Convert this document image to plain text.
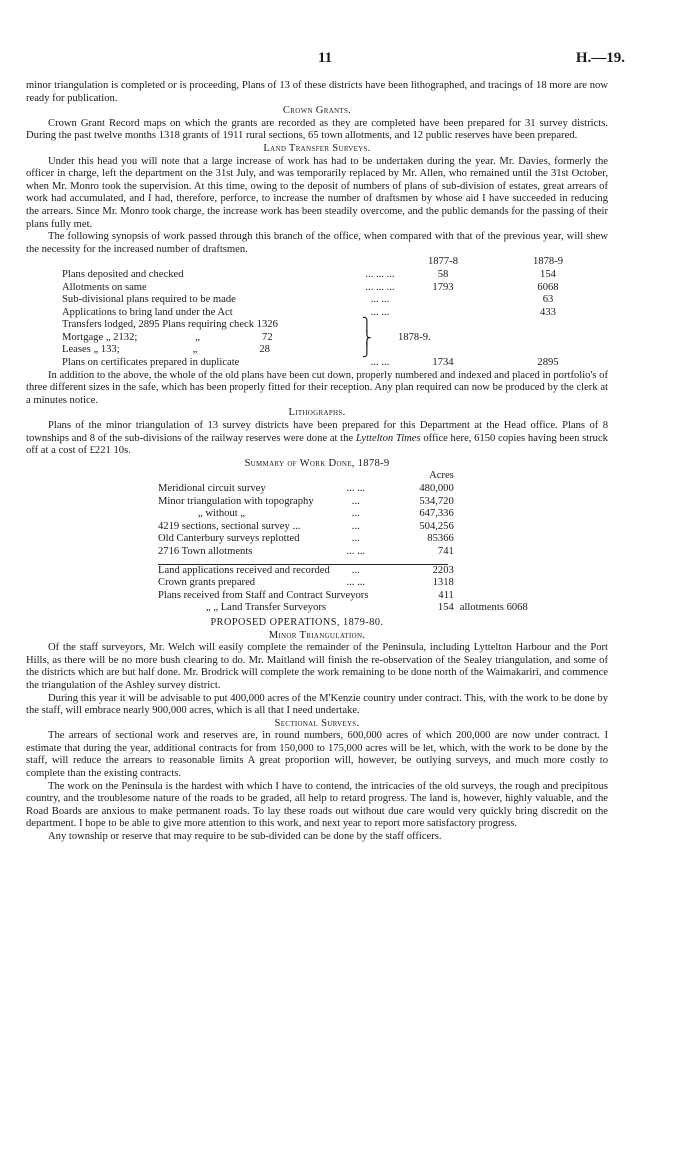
11	H.—19.

minor triangulation is completed or is proceeding, Plans of 13 of these districts have been lithographed, and tracings of 18 more are now ready for publication.

Crown Grants.

Crown Grant Record maps on which the grants are recorded as they are completed have been prepared for 31 survey districts. During the past twelve months 1318 grants of 1911 rural sections, 65 town allotments, and 12 public reserves have been prepared.

Land Transfer Surveys.

Under this head you will note that a large increase of work has had to be undertaken during the year. Mr. Davies, formerly the officer in charge, left the department on the 31st July, and was temporarily replaced by Mr. Allen, who remained until the 31st October, when Mr. Monro took the supervision. At this time, owing to the deposit of numbers of plans of sub-division of estates, great arrears of work had accumulated, and I had, therefore, perforce, to increase the number of draftsmen by whose aid I have succeeded in reducing the arrears. Since Mr. Monro took charge, the increase work has been steadily overcome, and the public demands for the passing of their plans fully met.

The following synopsis of work passed through this branch of the office, when compared with that of the previous year, will shew the necessity for the increased number of draftsmen.

		1877-8	1878-9
Plans deposited and checked	... ... ...	58	154
Allotments on same	... ... ...	1793	6068
Sub-divisional plans required to be made	... ...		63
Applications to bring land under the Act	... ...		433
Transfers lodged, 2895 Plans requiring check 1326	⎫		
Mortgage „ 2132; „ 72	⎬	1878-9.	
Leases „ 133; „ 28	⎭		
Plans on certificates prepared in duplicate	... ...	1734	2895

In addition to the above, the whole of the old plans have been cut down, properly numbered and indexed and placed in portfolio's of three different sizes in the safe, which has been properly fitted for their reception. Any plan required can now be produced by the clerk at a minutes notice.

Lithographs.

Plans of the minor triangulation of 13 survey districts have been prepared for this Department at the Head office. Plans of 8 townships and 8 of the sub-divisions of the railway reserves were done at the Lyttelton Times office here, 6150 copies having been struck off at a cost of £221 10s.

Summary of Work Done, 1878-9

		Acres	
Meridional circuit survey	... ...	480,000	
Minor triangulation with topography	...	534,720	
„ without „	...	647,336	
4219 sections, sectional survey ...	...	504,256	
Old Canterbury surveys replotted	...	85366	
2716 Town allotments	... ...	741	

Land applications received and recorded	...	2203	
Crown grants prepared	... ...	1318	
Plans received from Staff and Contract Surveyors		411	
„ „ Land Transfer Surveyors		154	allotments 6068

PROPOSED OPERATIONS, 1879-80.

Minor Triangulation.

Of the staff surveyors, Mr. Welch will easily complete the remainder of the Peninsula, including Lyttelton Harbour and the Port Hills, as there will be no more bush clearing to do. Mr. Maitland will finish the re-observation of the Sealey triangulation, and some of the districts which are but half done. Mr. Brodrick will complete the work remaining to be done north of the Waimakariri, and commence the triangulation of the Ashley survey district.

During this year it will be advisable to put 400,000 acres of the M'Kenzie country under contract. This, with the work to be done by the staff, will embrace nearly 900,000 acres, which is all that I need undertake.

Sectional Surveys.

The arrears of sectional work and reserves are, in round numbers, 600,000 acres of which 200,000 are now under contract. I estimate that during the year, additional contracts for from 150,000 to 175,000 acres will be let, which, with the work to be done by the staff, will reduce the arrears to reasonable limits A great proportion will, however, be outlying surveys, and much more costly to complete than the existing contracts.

The work on the Peninsula is the hardest with which I have to contend, the intricacies of the old surveys, the rough and precipitous country, and the troublesome nature of the roads to be graded, all help to retard progress. The land is, however, highly valuable, and the Road Boards are anxious to make permanent roads. To lay these roads out without due care would very quickly bring discredit on the department. I hope to be able to give more attention to this work, and next year to report more satisfactory progress.

Any township or reserve that may require to be sub-divided can be done by the staff officers.
